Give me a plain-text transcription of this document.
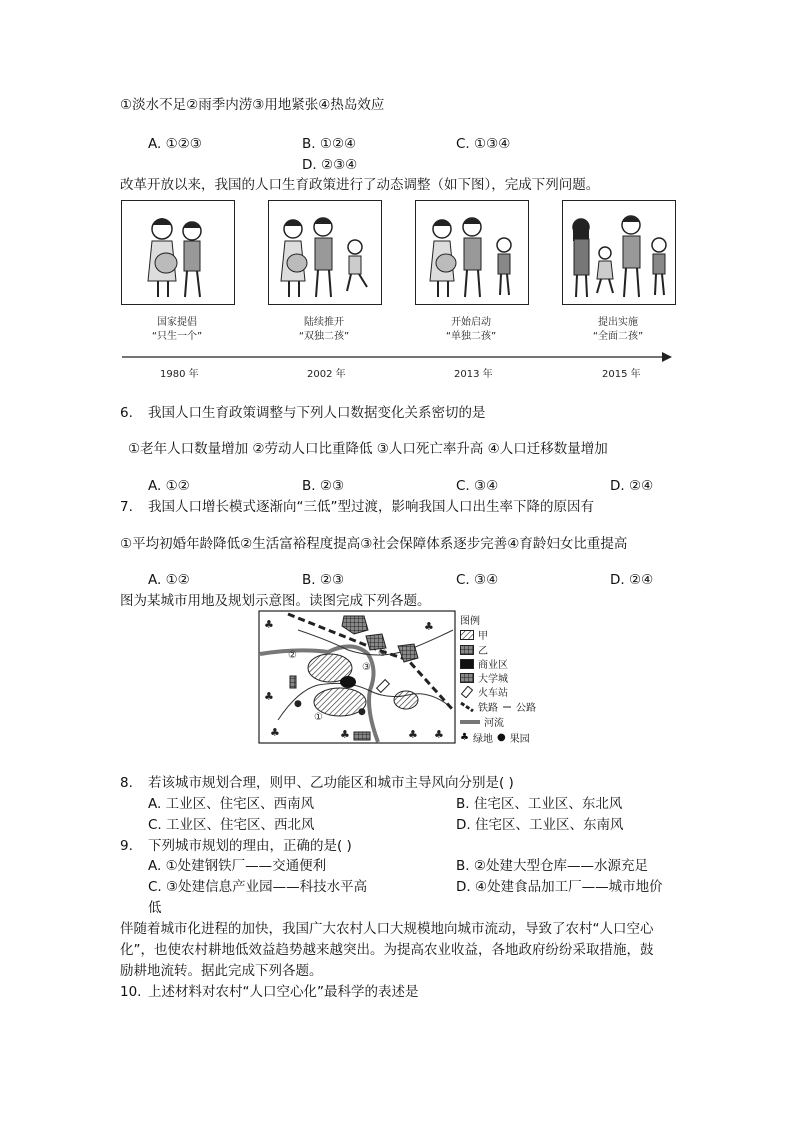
①淡水不足②雨季内涝③用地紧张④热岛效应
A. ①②③	B. ①②④	C. ①③④
D. ②③④
改革开放以来，我国的人口生育政策进行了动态调整（如下图），完成下列问题。
国家提倡
“只生一个”
陆续推开
“双独二孩”
开始启动
“单独二孩”
提出实施
“全面二孩”
1980 年	2002 年	2013 年	2015 年
6. 我国人口生育政策调整与下列人口数据变化关系密切的是
①老年人口数量增加 ②劳动人口比重降低 ③人口死亡率升高 ④人口迁移数量增加
A. ①②	B. ②③	C. ③④	D. ②④
7. 我国人口增长模式逐渐向“三低”型过渡，影响我国人口出生率下降的原因有
①平均初婚年龄降低②生活富裕程度提高③社会保障体系逐步完善④育龄妇女比重提高
A. ①②	B. ②③	C. ③④	D. ②④
图为某城市用地及规划示意图。读图完成下列各题。
①
②
③
④
♣
♣
♣
♣
♣
♣
♣
●
●
图例
甲
乙
商业区
大学城
火车站
铁路 公路
河流
♣ 绿地 ● 果园
8. 若该城市规划合理，则甲、乙功能区和城市主导风向分别是( )
A. 工业区、住宅区、西南风	B. 住宅区、工业区、东北风
C. 工业区、住宅区、西北风	D. 住宅区、工业区、东南风
9. 下列城市规划的理由，正确的是( )
A. ①处建钢铁厂——交通便利	B. ②处建大型仓库——水源充足
C. ③处建信息产业园——科技水平高	D. ④处建食品加工厂——城市地价
低
伴随着城市化进程的加快，我国广大农村人口大规模地向城市流动，导致了农村“人口空心
化”，也使农村耕地低效益趋势越来越突出。为提高农业收益，各地政府纷纷采取措施，鼓
励耕地流转。据此完成下列各题。
10. 上述材料对农村“人口空心化”最科学的表述是
